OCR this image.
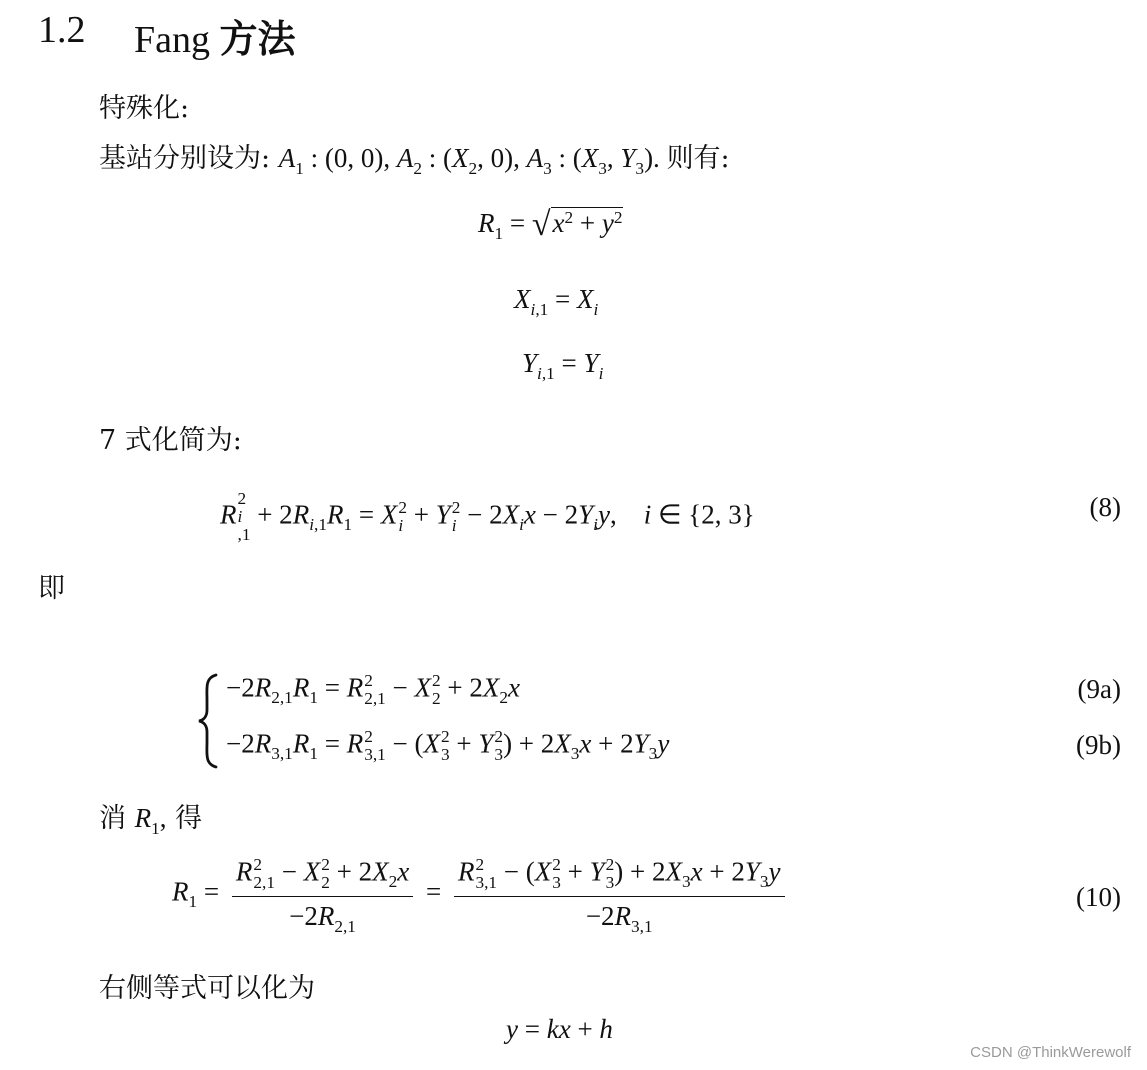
1.2 Fang 方法
特殊化:
基站分别设为: $A_1$ : (0, 0), $A_2$ : ($X_2$, 0), $A_3$ : ($X_3$, $Y_3$). 则有:
$R_1 = √x^2 + y^2$
$X_{i,1} = X_i$
$Y_{i,1} = Y_i$
7 式化简为:
R
2
i
,1
+ $2R_{i,1}R_1 = X$ 2
i + Y 2
$i - 2X_ix - 2Y_iy$,    i ∈ {2, 3}	(8)
即
$-2R_{2,1}R_1 = R$ 2
2,1 − X 2
$2 + 2X_2x$	(9a)
$-2R_{3,1}R_1 = R$ 2
3,1 − (X 2
3 + Y 2
3 ) + $2X_3x + 2Y_3y$	(9b)
消 $R_1$, 得
$R_1 = R$ 2
2,1 − X 2
$2 + 2X_2x$
$-2R_{2,1} = R$ 2
3,1 − (X 2
3 + Y 2
3 ) + $2X_3x + 2Y_3y$
$-2R_{3,1}$	(10)
右侧等式可以化为
y = kx + h
CSDN @ThinkWerewolf
